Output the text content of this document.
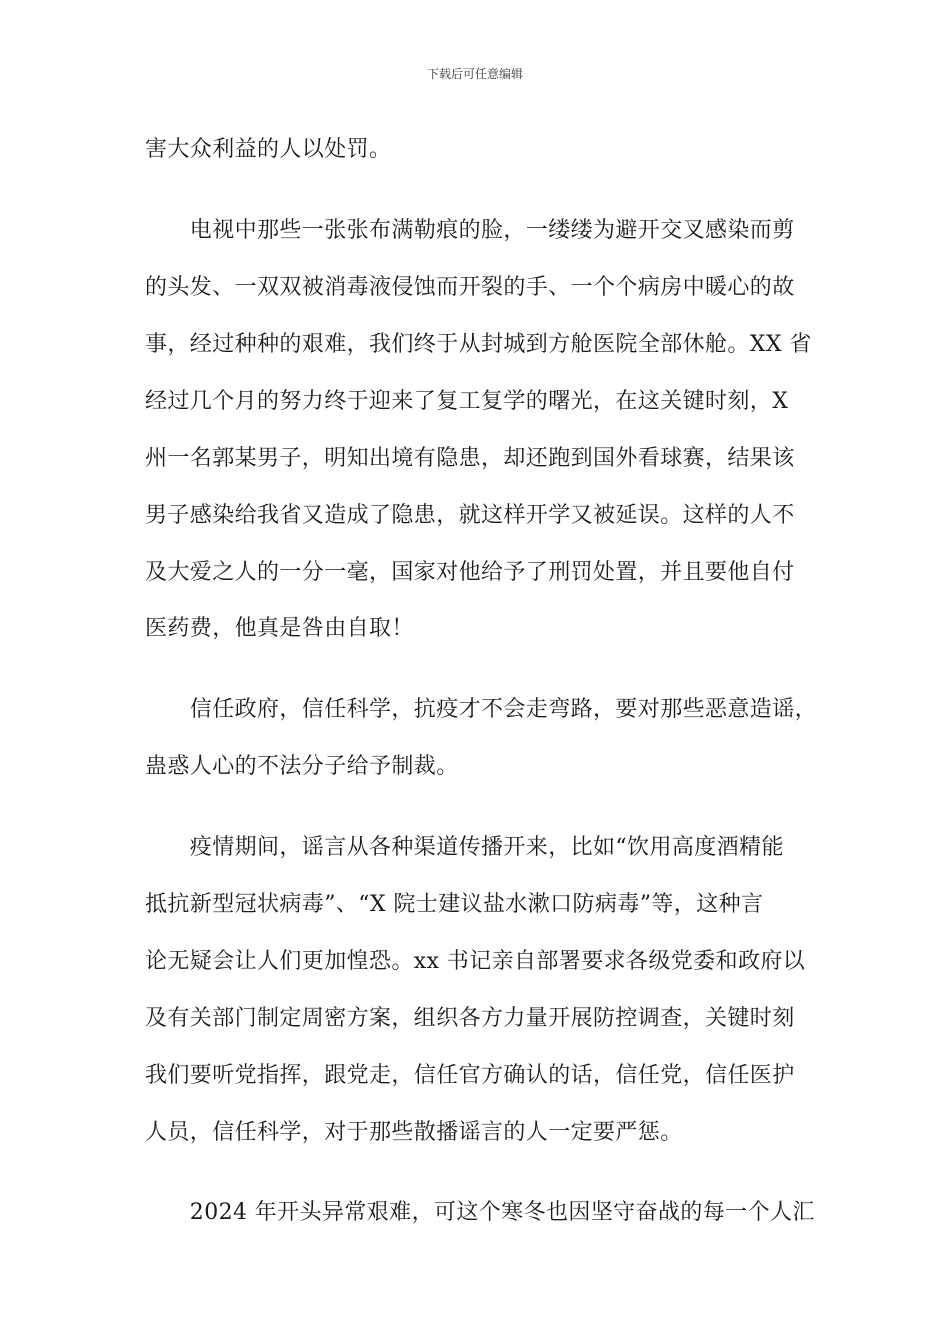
下载后可任意编辑
害大众利益的人以处罚。
　　电视中那些一张张布满勒痕的脸，一缕缕为避开交叉感染而剪
的头发、一双双被消毒液侵蚀而开裂的手、一个个病房中暖心的故
事，经过种种的艰难，我们终于从封城到方舱医院全部休舱。XX 省
经过几个月的努力终于迎来了复工复学的曙光，在这关键时刻，X
州一名郭某男子，明知出境有隐患，却还跑到国外看球赛，结果该
男子感染给我省又造成了隐患，就这样开学又被延误。这样的人不
及大爱之人的一分一毫，国家对他给予了刑罚处置，并且要他自付
医药费，他真是咎由自取！
　　信任政府，信任科学，抗疫才不会走弯路，要对那些恶意造谣，
蛊惑人心的不法分子给予制裁。
　　疫情期间，谣言从各种渠道传播开来，比如“饮用高度酒精能
抵抗新型冠状病毒”、“X 院士建议盐水漱口防病毒”等，这种言
论无疑会让人们更加惶恐。xx 书记亲自部署要求各级党委和政府以
及有关部门制定周密方案，组织各方力量开展防控调查，关键时刻
我们要听党指挥，跟党走，信任官方确认的话，信任党，信任医护
人员，信任科学，对于那些散播谣言的人一定要严惩。
　　2024 年开头异常艰难，可这个寒冬也因坚守奋战的每一个人汇
